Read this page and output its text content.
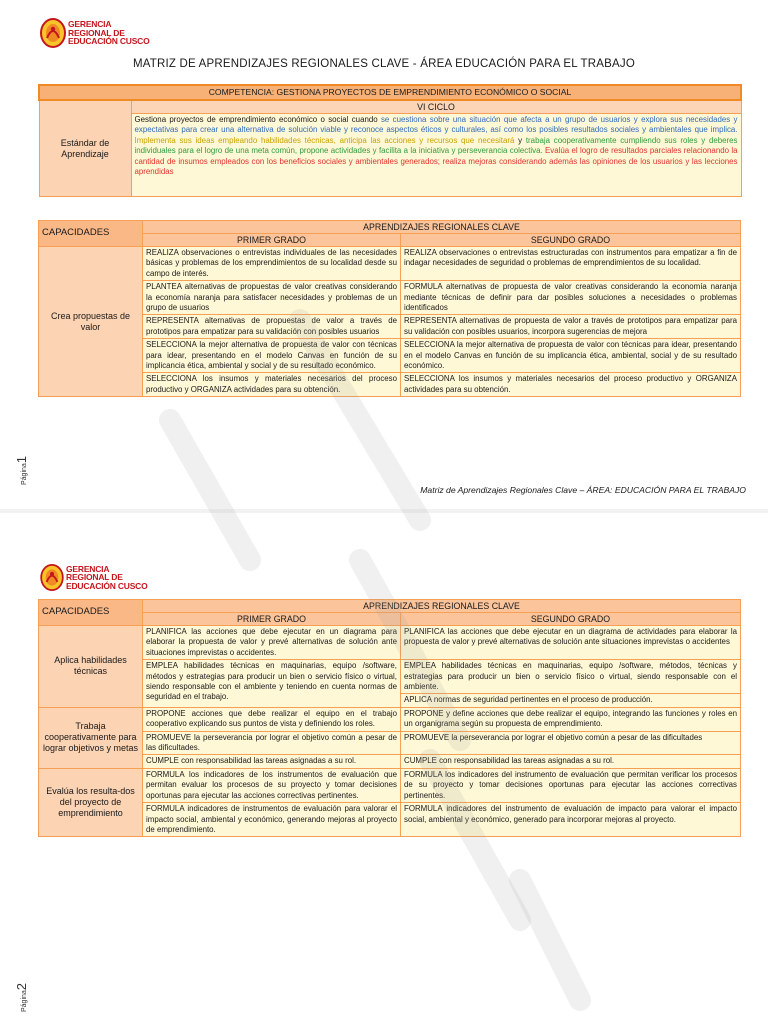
GERENCIA
REGIONAL DE
EDUCACIÓN CUSCO
MATRIZ DE APRENDIZAJES REGIONALES CLAVE - ÁREA EDUCACIÓN PARA EL TRABAJO
COMPETENCIA: GESTIONA PROYECTOS DE EMPRENDIMIENTO ECONÓMICO O SOCIAL
Estándar de Aprendizaje	VI CICLO
Gestiona proyectos de emprendimiento económico o social cuando se cuestiona sobre una situación que afecta a un grupo de usuarios y explora sus necesidades y expectativas para crear una alternativa de solución viable y reconoce aspectos éticos y culturales, así como los posibles resultados sociales y ambientales que implica. Implementa sus ideas empleando habilidades técnicas, anticipa las acciones y recursos que necesitará y trabaja cooperativamente cumpliendo sus roles y deberes individuales para el logro de una meta común, propone actividades y facilita a la iniciativa y perseverancia colectiva. Evalúa el logro de resultados parciales relacionando la cantidad de insumos empleados con los beneficios sociales y ambientales generados; realiza mejoras considerando además las opiniones de los usuarios y las lecciones aprendidas
CAPACIDADES	APRENDIZAJES REGIONALES CLAVE	
	PRIMER GRADO	SEGUNDO GRADO
Crea propuestas de valor	REALIZA observaciones o entrevistas individuales de las necesidades básicas y problemas de los emprendimientos de su localidad desde su campo de interés.	REALIZA observaciones o entrevistas estructuradas con instrumentos para empatizar a fin de indagar necesidades de seguridad o problemas de emprendimientos de su localidad.
	PLANTEA alternativas de propuestas de valor creativas considerando la economía naranja para satisfacer necesidades y problemas de un grupo de usuarios	FORMULA alternativas de propuesta de valor creativas considerando la economía naranja mediante técnicas de definir para dar posibles soluciones a necesidades o problemas identificados
	REPRESENTA alternativas de propuestas de valor a través de prototipos para empatizar para su validación con posibles usuarios	REPRESENTA alternativas de propuesta de valor a través de prototipos para empatizar para su validación con posibles usuarios, incorpora sugerencias de mejora
	SELECCIONA la mejor alternativa de propuesta de valor con técnicas para idear, presentando en el modelo Canvas en función de su implicancia ética, ambiental y social y de su resultado económico.	SELECCIONA la mejor alternativa de propuesta de valor con técnicas para idear, presentando en el modelo Canvas en función de su implicancia ética, ambiental, social y de su resultado económico.
	SELECCIONA los insumos y materiales necesarios del proceso productivo y ORGANIZA actividades para su obtención.	SELECCIONA los insumos y materiales necesarios del proceso productivo y ORGANIZA actividades para su obtención.
Página1
Matriz de Aprendizajes Regionales Clave – ÁREA: EDUCACIÓN PARA EL TRABAJO
GERENCIA
REGIONAL DE
EDUCACIÓN CUSCO
CAPACIDADES	APRENDIZAJES REGIONALES CLAVE	
	PRIMER GRADO	SEGUNDO GRADO
Aplica habilidades técnicas	PLANIFICA las acciones que debe ejecutar en un diagrama para elaborar la propuesta de valor y prevé alternativas de solución ante situaciones imprevistas o accidentes.	PLANIFICA las acciones que debe ejecutar en un diagrama de actividades para elaborar la propuesta de valor y prevé alternativas de solución ante situaciones imprevistas o accidentes
	EMPLEA habilidades técnicas en maquinarias, equipo /software, métodos y estrategias para producir un bien o servicio físico o virtual, siendo responsable con el ambiente y teniendo en cuenta normas de seguridad en el trabajo.	EMPLEA habilidades técnicas en maquinarias, equipo /software, métodos, técnicas y estrategias para producir un bien o servicio físico o virtual, siendo responsable con el ambiente.
		APLICA normas de seguridad pertinentes en el proceso de producción.
Trabaja cooperativamente para lograr objetivos y metas	PROPONE acciones que debe realizar el equipo en el trabajo cooperativo explicando sus puntos de vista y definiendo los roles.	PROPONE y define acciones que debe realizar el equipo, integrando las funciones y roles en un organigrama según su propuesta de emprendimiento.
	PROMUEVE la perseverancia por lograr el objetivo común a pesar de las dificultades.	PROMUEVE la perseverancia por lograr el objetivo común a pesar de las dificultades
	CUMPLE con responsabilidad las tareas asignadas a su rol.	CUMPLE con responsabilidad las tareas asignadas a su rol.
Evalúa los resulta-dos del proyecto de emprendimiento	FORMULA los indicadores de los instrumentos de evaluación que permitan evaluar los procesos de su proyecto y tomar decisiones oportunas para ejecutar las acciones correctivas pertinentes.	FORMULA los indicadores del instrumento de evaluación que permitan verificar los procesos de su proyecto y tomar decisiones oportunas para ejecutar las acciones correctivas pertinentes.
	FORMULA indicadores de instrumentos de evaluación para valorar el impacto social, ambiental y económico, generando mejoras al proyecto de emprendimiento.	FORMULA indicadores del instrumento de evaluación de impacto para valorar el impacto social, ambiental y económico, generado para incorporar mejoras al proyecto.
Página2
